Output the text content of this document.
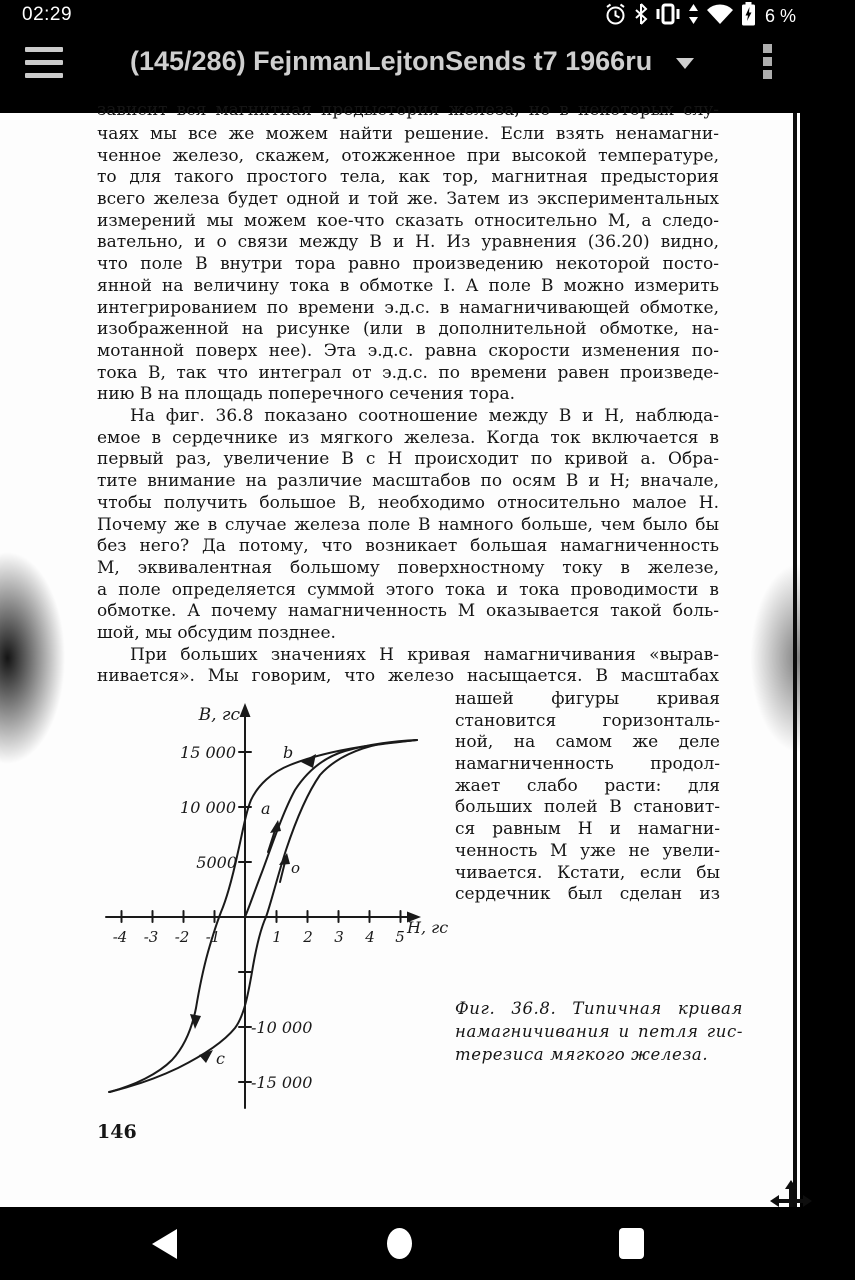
02:29	6 %
(145/286) FejnmanLejtonSends t7 1966ru
зависит вся магнитная предыстория железа, но в некоторых слу-
чаях мы все же можем найти решение. Если взять ненамагни-
ченное железо, скажем, отожженное при высокой температуре,
то для такого простого тела, как тор, магнитная предыстория
всего железа будет одной и той же. Затем из экспериментальных
измерений мы можем кое-что сказать относительно М, а следо-
вательно, и о связи между В и Н. Из уравнения (36.20) видно,
что поле В внутри тора равно произведению некоторой посто-
янной на величину тока в обмотке I. А поле В можно измерить
интегрированием по времени э.д.с. в намагничивающей обмотке,
изображенной на рисунке (или в дополнительной обмотке, на-
мотанной поверх нее). Эта э.д.с. равна скорости изменения по-
тока В, так что интеграл от э.д.с. по времени равен произведе-
нию В на площадь поперечного сечения тора.
На фиг. 36.8 показано соотношение между В и Н, наблюда-
емое в сердечнике из мягкого железа. Когда ток включается в
первый раз, увеличение В с Н происходит по кривой a. Обра-
тите внимание на различие масштабов по осям В и Н; вначале,
чтобы получить большое В, необходимо относительно малое Н.
Почему же в случае железа поле В намного больше, чем было бы
без него? Да потому, что возникает большая намагниченность
М, эквивалентная большому поверхностному току в железе,
а поле определяется суммой этого тока и тока проводимости в
обмотке. А почему намагниченность М оказывается такой боль-
шой, мы обсудим позднее.
При больших значениях Н кривая намагничивания «вырав-
нивается». Мы говорим, что железо насыщается. В масштабах
нашей фигуры кривая
становится горизонталь-
ной, на самом же деле
намагниченность продол-
жает слабо расти: для
больших полей В становит-
ся равным Н и намагни-
ченность М уже не увели-
чивается. Кстати, если бы
сердечник был сделан из
Фиг. 36.8. Типичная кривая
намагничивания и петля гис-
терезиса мягкого железа.
146
В, гс
15 000
10 000
5000
-10 000
-15 000
-4 -3 -2 -1	1 2 3 4 5 Н, гс
b
a
o
c
